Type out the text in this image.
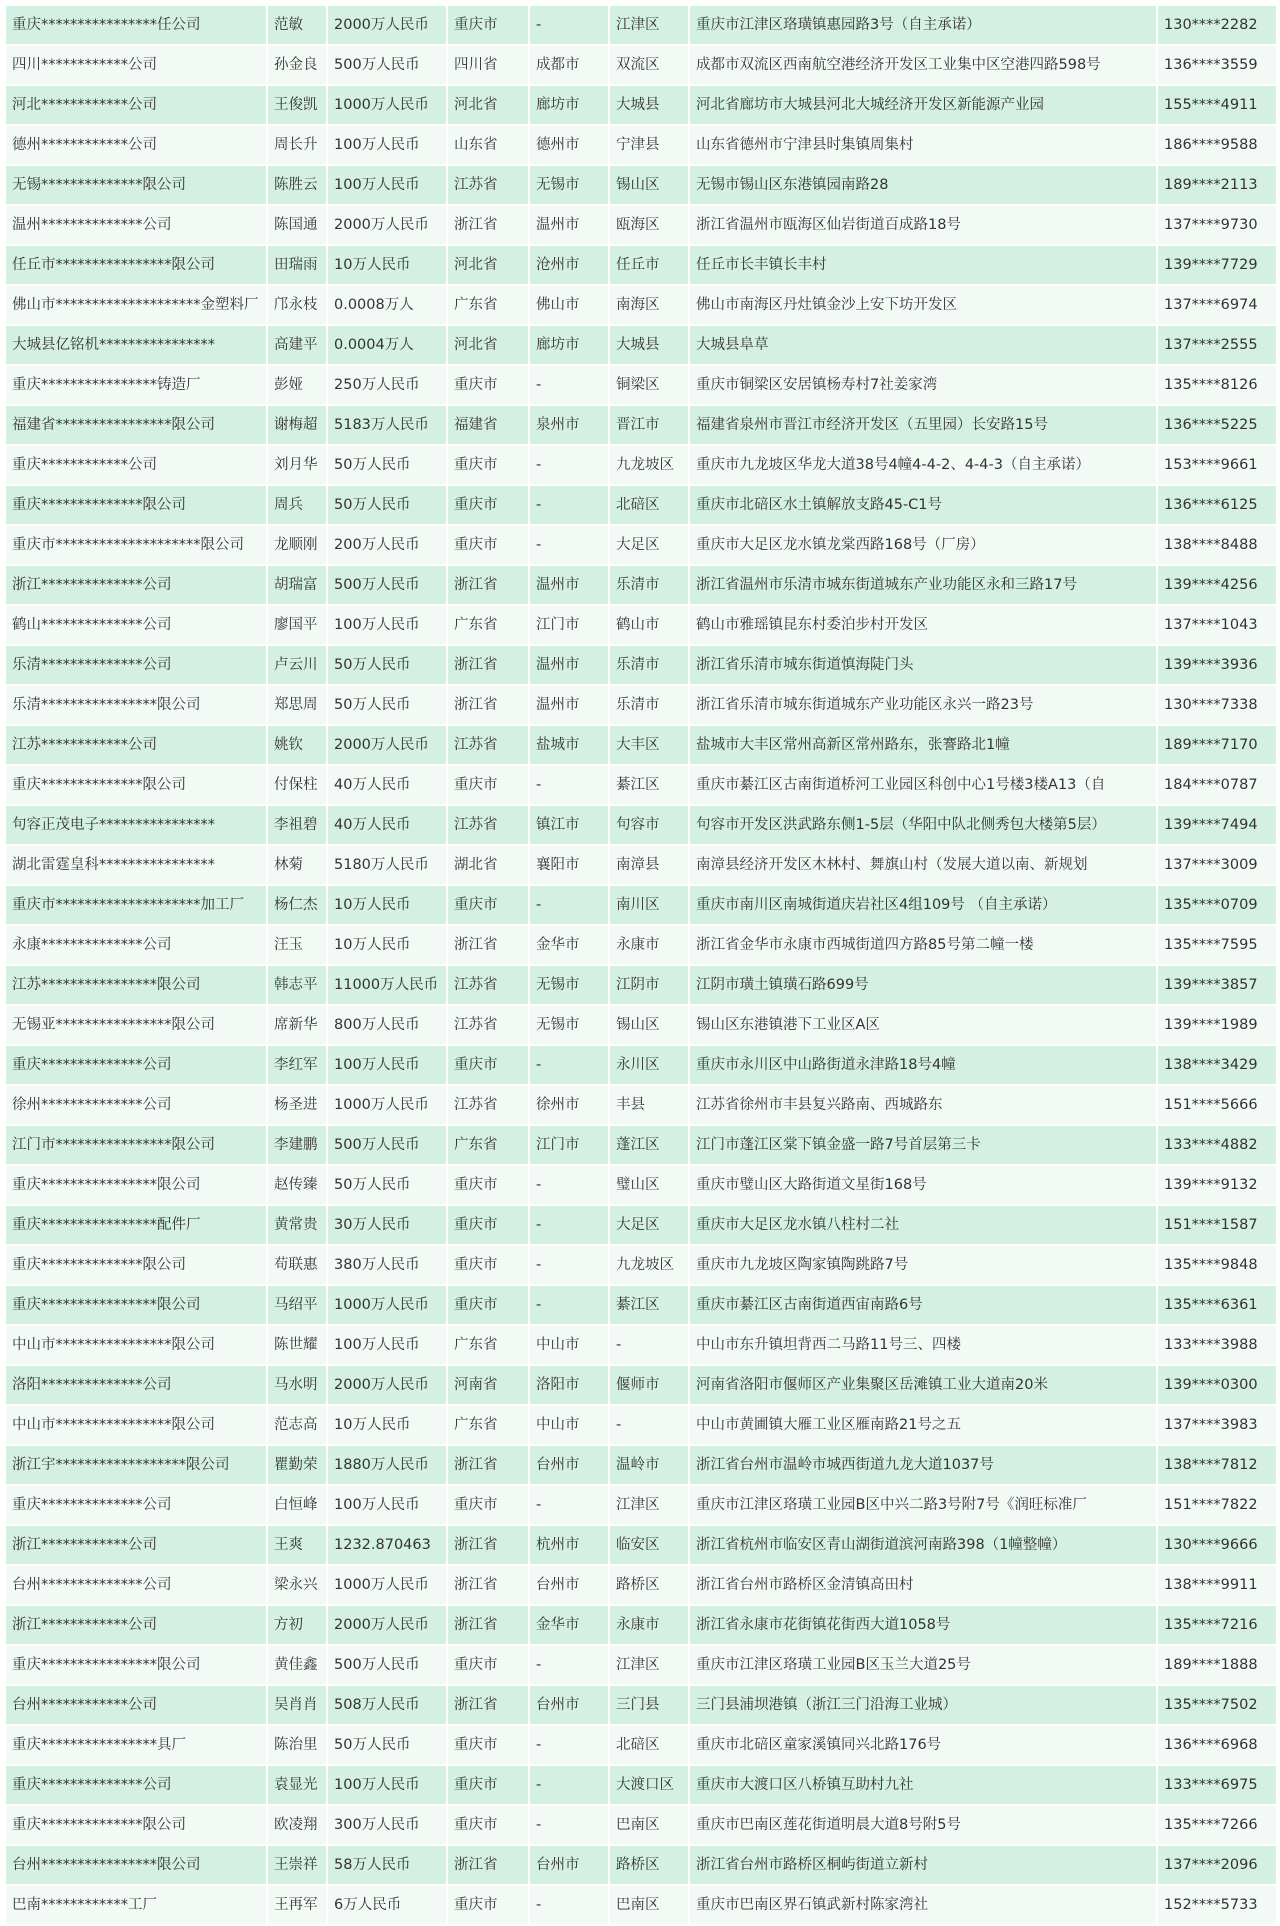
重庆****************任公司	范敏	2000万人民币	重庆市	-	江津区	重庆市江津区珞璜镇惠园路3号（自主承诺）	130****2282
四川************公司	孙金良	500万人民币	四川省	成都市	双流区	成都市双流区西南航空港经济开发区工业集中区空港四路598号	136****3559
河北************公司	王俊凯	1000万人民币	河北省	廊坊市	大城县	河北省廊坊市大城县河北大城经济开发区新能源产业园	155****4911
德州************公司	周长升	100万人民币	山东省	德州市	宁津县	山东省德州市宁津县时集镇周集村	186****9588
无锡**************限公司	陈胜云	100万人民币	江苏省	无锡市	锡山区	无锡市锡山区东港镇园南路28	189****2113
温州**************公司	陈国通	2000万人民币	浙江省	温州市	瓯海区	浙江省温州市瓯海区仙岩街道百成路18号	137****9730
任丘市****************限公司	田瑞雨	10万人民币	河北省	沧州市	任丘市	任丘市长丰镇长丰村	139****7729
佛山市********************金塑料厂	邝永枝	0.0008万人	广东省	佛山市	南海区	佛山市南海区丹灶镇金沙上安下坊开发区	137****6974
大城县亿铭机****************	高建平	0.0004万人	河北省	廊坊市	大城县	大城县阜草	137****2555
重庆****************铸造厂	彭娅	250万人民币	重庆市	-	铜梁区	重庆市铜梁区安居镇杨寿村7社姜家湾	135****8126
福建省****************限公司	谢梅超	5183万人民币	福建省	泉州市	晋江市	福建省泉州市晋江市经济开发区（五里园）长安路15号	136****5225
重庆************公司	刘月华	50万人民币	重庆市	-	九龙坡区	重庆市九龙坡区华龙大道38号4幢4-4-2、4-4-3（自主承诺）	153****9661
重庆**************限公司	周兵	50万人民币	重庆市	-	北碚区	重庆市北碚区水土镇解放支路45-C1号	136****6125
重庆市********************限公司	龙顺刚	200万人民币	重庆市	-	大足区	重庆市大足区龙水镇龙棠西路168号（厂房）	138****8488
浙江**************公司	胡瑞富	500万人民币	浙江省	温州市	乐清市	浙江省温州市乐清市城东街道城东产业功能区永和三路17号	139****4256
鹤山**************公司	廖国平	100万人民币	广东省	江门市	鹤山市	鹤山市雅瑶镇昆东村委泊步村开发区	137****1043
乐清**************公司	卢云川	50万人民币	浙江省	温州市	乐清市	浙江省乐清市城东街道慎海陡门头	139****3936
乐清****************限公司	郑思周	50万人民币	浙江省	温州市	乐清市	浙江省乐清市城东街道城东产业功能区永兴一路23号	130****7338
江苏************公司	姚钦	2000万人民币	江苏省	盐城市	大丰区	盐城市大丰区常州高新区常州路东，张謇路北1幢	189****7170
重庆**************限公司	付保柱	40万人民币	重庆市	-	綦江区	重庆市綦江区古南街道桥河工业园区科创中心1号楼3楼A13（自	184****0787
句容正茂电子****************	李祖碧	40万人民币	江苏省	镇江市	句容市	句容市开发区洪武路东侧1-5层（华阳中队北侧秀包大楼第5层）	139****7494
湖北雷霆皇科****************	林菊	5180万人民币	湖北省	襄阳市	南漳县	南漳县经济开发区木林村、舞旗山村（发展大道以南、新规划	137****3009
重庆市********************加工厂	杨仁杰	10万人民币	重庆市	-	南川区	重庆市南川区南城街道庆岩社区4组109号 （自主承诺）	135****0709
永康**************公司	汪玉	10万人民币	浙江省	金华市	永康市	浙江省金华市永康市西城街道四方路85号第二幢一楼	135****7595
江苏****************限公司	韩志平	11000万人民币	江苏省	无锡市	江阴市	江阴市璜土镇璜石路699号	139****3857
无锡亚****************限公司	席新华	800万人民币	江苏省	无锡市	锡山区	锡山区东港镇港下工业区A区	139****1989
重庆**************公司	李红军	100万人民币	重庆市	-	永川区	重庆市永川区中山路街道永津路18号4幢	138****3429
徐州**************公司	杨圣进	1000万人民币	江苏省	徐州市	丰县	江苏省徐州市丰县复兴路南、西城路东	151****5666
江门市****************限公司	李建鹏	500万人民币	广东省	江门市	蓬江区	江门市蓬江区棠下镇金盛一路7号首层第三卡	133****4882
重庆****************限公司	赵传臻	50万人民币	重庆市	-	璧山区	重庆市璧山区大路街道文星街168号	139****9132
重庆****************配件厂	黄常贵	30万人民币	重庆市	-	大足区	重庆市大足区龙水镇八柱村二社	151****1587
重庆**************限公司	苟联惠	380万人民币	重庆市	-	九龙坡区	重庆市九龙坡区陶家镇陶跳路7号	135****9848
重庆****************限公司	马绍平	1000万人民币	重庆市	-	綦江区	重庆市綦江区古南街道西宙南路6号	135****6361
中山市****************限公司	陈世耀	100万人民币	广东省	中山市	-	中山市东升镇坦背西二马路11号三、四楼	133****3988
洛阳**************公司	马水明	2000万人民币	河南省	洛阳市	偃师市	河南省洛阳市偃师区产业集聚区岳滩镇工业大道南20米	139****0300
中山市****************限公司	范志高	10万人民币	广东省	中山市	-	中山市黄圃镇大雁工业区雁南路21号之五	137****3983
浙江宇******************限公司	瞿勤荣	1880万人民币	浙江省	台州市	温岭市	浙江省台州市温岭市城西街道九龙大道1037号	138****7812
重庆**************公司	白恒峰	100万人民币	重庆市	-	江津区	重庆市江津区珞璜工业园B区中兴二路3号附7号《润旺标准厂	151****7822
浙江************公司	王爽	1232.870463	浙江省	杭州市	临安区	浙江省杭州市临安区青山湖街道滨河南路398（1幢整幢）	130****9666
台州**************公司	梁永兴	1000万人民币	浙江省	台州市	路桥区	浙江省台州市路桥区金清镇高田村	138****9911
浙江************公司	方初	2000万人民币	浙江省	金华市	永康市	浙江省永康市花街镇花街西大道1058号	135****7216
重庆****************限公司	黄佳鑫	500万人民币	重庆市	-	江津区	重庆市江津区珞璜工业园B区玉兰大道25号	189****1888
台州************公司	吴肖肖	508万人民币	浙江省	台州市	三门县	三门县浦坝港镇（浙江三门沿海工业城）	135****7502
重庆****************具厂	陈治里	50万人民币	重庆市	-	北碚区	重庆市北碚区童家溪镇同兴北路176号	136****6968
重庆**************公司	袁显光	100万人民币	重庆市	-	大渡口区	重庆市大渡口区八桥镇互助村九社	133****6975
重庆**************限公司	欧凌翔	300万人民币	重庆市	-	巴南区	重庆市巴南区莲花街道明晨大道8号附5号	135****7266
台州****************限公司	王崇祥	58万人民币	浙江省	台州市	路桥区	浙江省台州市路桥区桐屿街道立新村	137****2096
巴南************工厂	王再军	6万人民币	重庆市	-	巴南区	重庆市巴南区界石镇武新村陈家湾社	152****5733
